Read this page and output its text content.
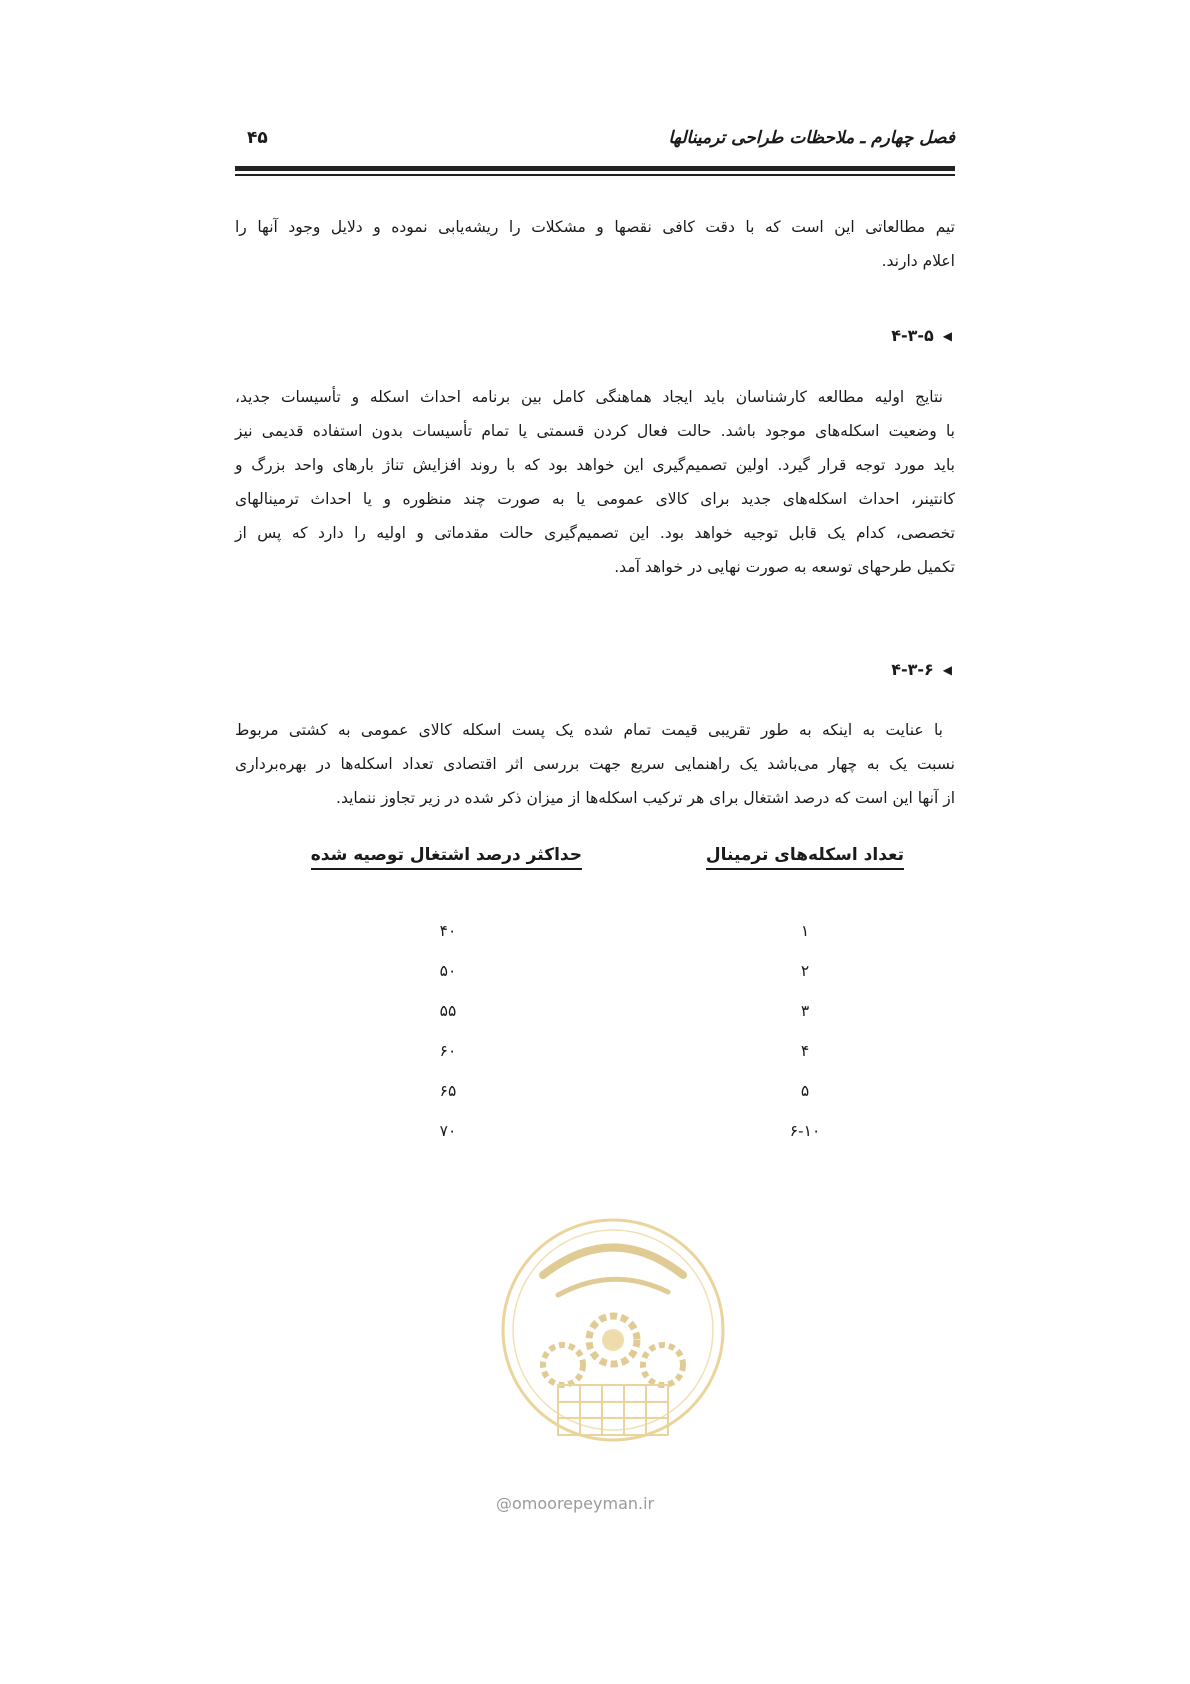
فصل چهارم ـ ملاحظات طراحی ترمینالها
۴۵
تیم مطالعاتی این است که با دقت کافی نقصها و مشکلات را ریشه‌یابی نموده و دلایل وجود آنها را
اعلام دارند.
◀
۴-۳-۵
نتایج اولیه مطالعه کارشناسان باید ایجاد هماهنگی کامل بین برنامه احداث اسکله و تأسیسات جدید،
با وضعیت اسکله‌های موجود باشد. حالت فعال کردن قسمتی یا تمام تأسیسات بدون استفاده قدیمی نیز
باید مورد توجه قرار گیرد. اولین تصمیم‌گیری این خواهد بود که با روند افزایش تناژ بارهای واحد بزرگ و
کانتینر، احداث اسکله‌های جدید برای کالای عمومی یا به صورت چند منظوره و یا احداث ترمینالهای
تخصصی، کدام یک قابل توجیه خواهد بود. این تصمیم‌گیری حالت مقدماتی و اولیه را دارد که پس از
تکمیل طرحهای توسعه به صورت نهایی در خواهد آمد.
◀
۴-۳-۶
با عنایت به اینکه به طور تقریبی قیمت تمام شده یک پست اسکله کالای عمومی به کشتی مربوط
نسبت یک به چهار می‌باشد یک راهنمایی سریع جهت بررسی اثر اقتصادی تعداد اسکله‌ها در بهره‌برداری
از آنها این است که درصد اشتغال برای هر ترکیب اسکله‌ها از میزان ذکر شده در زیر تجاوز ننماید.
تعداد اسکله‌های ترمینال
حداکثر درصد اشتغال توصیه شده
۱
۴۰
۲
۵۰
۳
۵۵
۴
۶۰
۵
۶۵
۶-۱۰
۷۰
@omoorepeyman.ir
